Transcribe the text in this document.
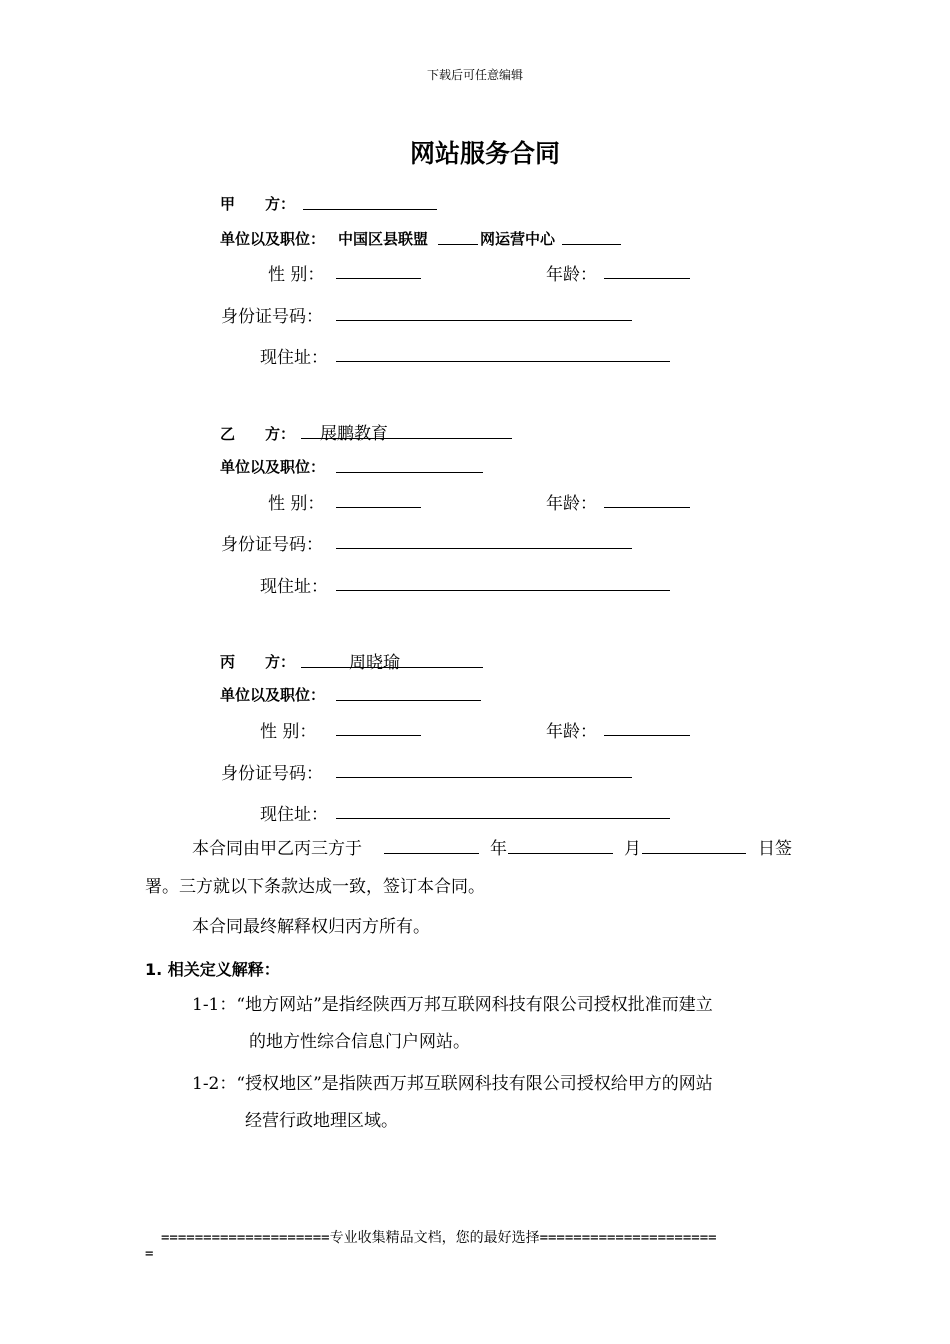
下载后可任意编辑
网站服务合同
甲　　方：
单位以及职位： 中国区县联盟	网运营中心
性 别：	年龄：
身份证号码：
现住址：
乙　　方： 展鹏教育
单位以及职位：
性 别：	年龄：
身份证号码：
现住址：
丙　　方：	周晓瑜
单位以及职位：
性 别：	年龄：
身份证号码：
现住址：
本合同由甲乙丙三方于	年	月	日签
署。三方就以下条款达成一致，签订本合同。
本合同最终解释权归丙方所有。
1. 相关定义解释：
1-1：“地方网站”是指经陕西万邦互联网科技有限公司授权批准而建立
的地方性综合信息门户网站。
1-2：“授权地区”是指陕西万邦互联网科技有限公司授权给甲方的网站
经营行政地理区域。
====================专业收集精品文档，您的最好选择=====================
=
